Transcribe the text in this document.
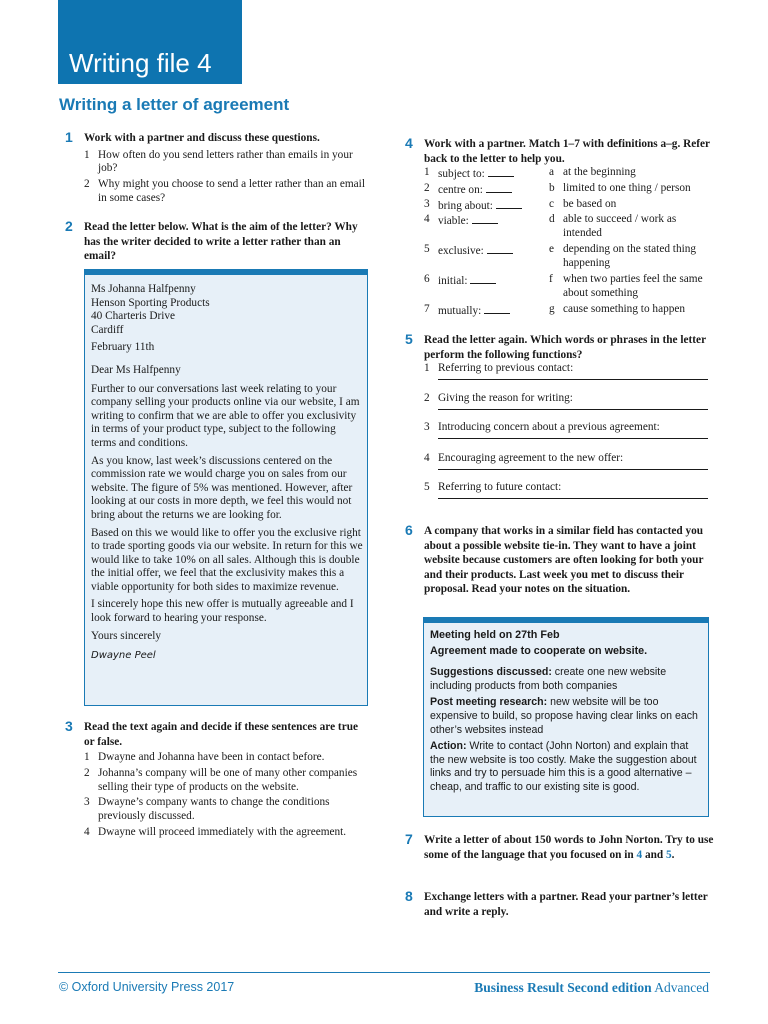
Writing file 4
Writing a letter of agreement
1 Work with a partner and discuss these questions.
1 How often do you send letters rather than emails in your job?
2 Why might you choose to send a letter rather than an email in some cases?
2 Read the letter below. What is the aim of the letter? Why has the writer decided to write a letter rather than an email?

Ms Johanna Halfpenny

Henson Sporting Products

40 Charteris Drive

Cardiff

February 11th

Dear Ms Halfpenny

Further to our conversations last week relating to your company selling your products online via our website, I am writing to confirm that we are able to offer you exclusivity in terms of your product type, subject to the following terms and conditions.

As you know, last week’s discussions centered on the commission rate we would charge you on sales from our website. The figure of 5% was mentioned. However, after looking at our costs in more depth, we feel this would not bring about the returns we are looking for.

Based on this we would like to offer you the exclusive right to trade sporting goods via our website. In return for this we would like to take 10% on all sales. Although this is double the initial offer, we feel that the exclusivity makes this a viable opportunity for both sides to maximize revenue.

I sincerely hope this new offer is mutually agreeable and I look forward to hearing your response.

Yours sincerely

Dwayne Peel

3 Read the text again and decide if these sentences are true or false.
1 Dwayne and Johanna have been in contact before.
2 Johanna’s company will be one of many other companies selling their type of products on the website.
3 Dwayne’s company wants to change the conditions previously discussed.
4 Dwayne will proceed immediately with the agreement.
4 Work with a partner. Match 1–7 with definitions a–g. Refer back to the letter to help you.
1 subject to:	a at the beginning
2 centre on:	b limited to one thing / person
3 bring about:	c be based on
4 viable:	d able to succeed / work as intended
5 exclusive:	e depending on the stated thing happening
6 initial:	f when two parties feel the same about something
7 mutually:	g cause something to happen
5 Read the letter again. Which words or phrases in the letter perform the following functions?
1 Referring to previous contact:
2 Giving the reason for writing:
3 Introducing concern about a previous agreement:
4 Encouraging agreement to the new offer:
5 Referring to future contact:
6 A company that works in a similar field has contacted you about a possible website tie-in. They want to have a joint website because customers are often looking for both your and their products. Last week you met to discuss their proposal. Read your notes on the situation.

Meeting held on 27th Feb

Agreement made to cooperate on website.

Suggestions discussed: create one new website including products from both companies

Post meeting research: new website will be too expensive to build, so propose having clear links on each other’s websites instead

Action: Write to contact (John Norton) and explain that the new website is too costly. Make the suggestion about links and try to persuade him this is a good alternative – cheap, and traffic to our existing site is good.

7 Write a letter of about 150 words to John Norton. Try to use some of the language that you focused on in 4 and 5.
8 Exchange letters with a partner. Read your partner’s letter and write a reply.
© Oxford University Press 2017	Business Result Second edition Advanced
